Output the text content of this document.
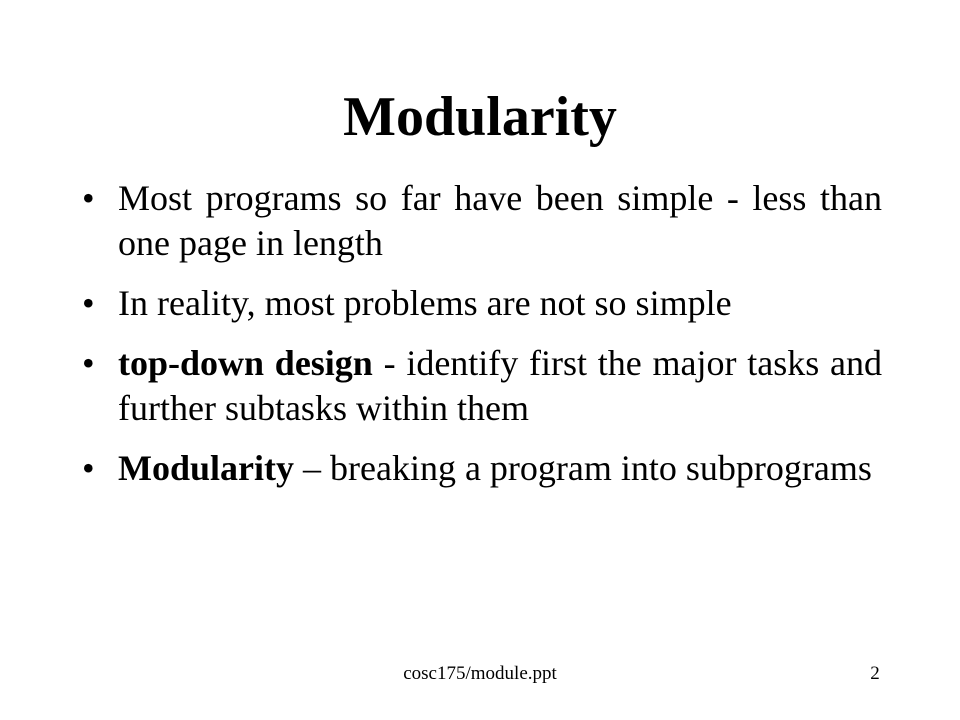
Modularity
• Most programs so far have been simple - less than one page in length
• In reality, most problems are not so simple
• top-down design - identify first the major tasks and further subtasks within them
• Modularity – breaking a program into subprograms
cosc175/module.ppt	2
